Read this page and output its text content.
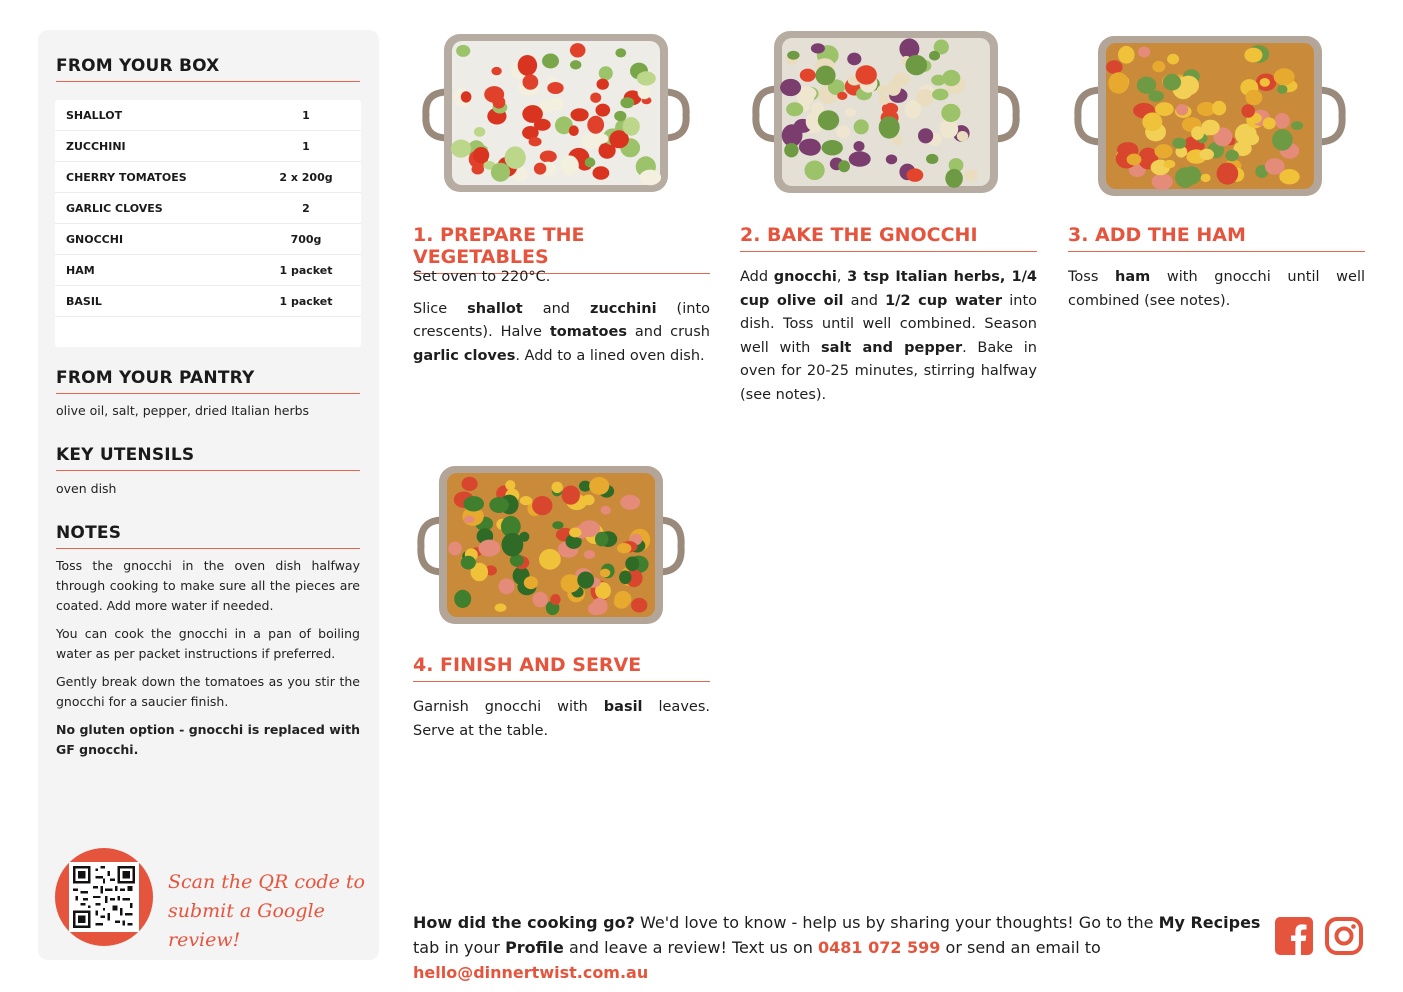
FROM YOUR BOX
SHALLOT	1
ZUCCHINI	1
CHERRY TOMATOES	2 x 200g
GARLIC CLOVES	2
GNOCCHI	700g
HAM	1 packet
BASIL	1 packet
FROM YOUR PANTRY
olive oil, salt, pepper, dried Italian herbs
KEY UTENSILS
oven dish
NOTES

Toss the gnocchi in the oven dish halfway through cooking to make sure all the pieces are coated. Add more water if needed.

You can cook the gnocchi in a pan of boiling water as per packet instructions if preferred.

Gently break down the tomatoes as you stir the gnocchi for a saucier finish.

No gluten option - gnocchi is replaced with GF gnocchi.

Scan the QR code to
submit a Google review!
1. PREPARE THE VEGETABLES

Set oven to 220°C.

Slice shallot and zucchini (into crescents). Halve tomatoes and crush garlic cloves. Add to a lined oven dish.

2. BAKE THE GNOCCHI

Add gnocchi, 3 tsp Italian herbs, 1/4 cup olive oil and 1/2 cup water into dish. Toss until well combined. Season well with salt and pepper. Bake in oven for 20-25 minutes, stirring halfway (see notes).

3. ADD THE HAM

Toss ham with gnocchi until well combined (see notes).

4. FINISH AND SERVE

Garnish gnocchi with basil leaves. Serve at the table.

How did the cooking go? We'd love to know - help us by sharing your thoughts! Go to the My Recipes tab in your Profile and leave a review! Text us on 0481 072 599 or send an email to hello@dinnertwist.com.au
